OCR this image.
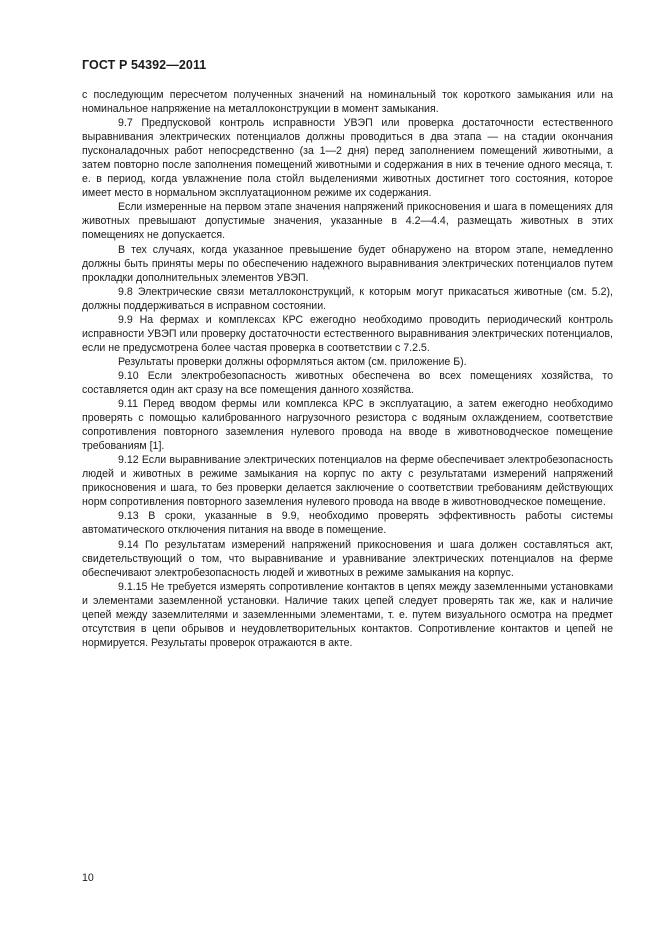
ГОСТ Р 54392—2011

с последующим пересчетом полученных значений на номинальный ток короткого замыкания или на номинальное напряжение на металлоконструкции в момент замыкания.

9.7 Предпусковой контроль исправности УВЭП или проверка достаточности естественного выравнивания электрических потенциалов должны проводиться в два этапа — на стадии окончания пусконаладочных работ непосредственно (за 1—2 дня) перед заполнением помещений животными, а затем повторно после заполнения помещений животными и содержания в них в течение одного месяца, т. е. в период, когда увлажнение пола стойл выделениями животных достигнет того состояния, которое имеет место в нормальном эксплуатационном режиме их содержания.

Если измеренные на первом этапе значения напряжений прикосновения и шага в помещениях для животных превышают допустимые значения, указанные в 4.2—4.4, размещать животных в этих помещениях не допускается.

В тех случаях, когда указанное превышение будет обнаружено на втором этапе, немедленно должны быть приняты меры по обеспечению надежного выравнивания электрических потенциалов путем прокладки дополнительных элементов УВЭП.

9.8 Электрические связи металлоконструкций, к которым могут прикасаться животные (см. 5.2), должны поддерживаться в исправном состоянии.

9.9 На фермах и комплексах КРС ежегодно необходимо проводить периодический контроль исправности УВЭП или проверку достаточности естественного выравнивания электрических потенциалов, если не предусмотрена более частая проверка в соответствии с 7.2.5.

Результаты проверки должны оформляться актом (см. приложение Б).

9.10 Если электробезопасность животных обеспечена во всех помещениях хозяйства, то составляется один акт сразу на все помещения данного хозяйства.

9.11 Перед вводом фермы или комплекса КРС в эксплуатацию, а затем ежегодно необходимо проверять с помощью калиброванного нагрузочного резистора с водяным охлаждением, соответствие сопротивления повторного заземления нулевого провода на вводе в животноводческое помещение требованиям [1].

9.12 Если выравнивание электрических потенциалов на ферме обеспечивает электробезопасность людей и животных в режиме замыкания на корпус по акту с результатами измерений напряжений прикосновения и шага, то без проверки делается заключение о соответствии требованиям действующих норм сопротивления повторного заземления нулевого провода на вводе в животноводческое помещение.

9.13 В сроки, указанные в 9.9, необходимо проверять эффективность работы системы автоматического отключения питания на вводе в помещение.

9.14 По результатам измерений напряжений прикосновения и шага должен составляться акт, свидетельствующий о том, что выравнивание и уравнивание электрических потенциалов на ферме обеспечивают электробезопасность людей и животных в режиме замыкания на корпус.

9.1.15 Не требуется измерять сопротивление контактов в цепях между заземленными установками и элементами заземленной установки. Наличие таких цепей следует проверять так же, как и наличие цепей между заземлителями и заземленными элементами, т. е. путем визуального осмотра на предмет отсутствия в цепи обрывов и неудовлетворительных контактов. Сопротивление контактов и цепей не нормируется. Результаты проверок отражаются в акте.

10
